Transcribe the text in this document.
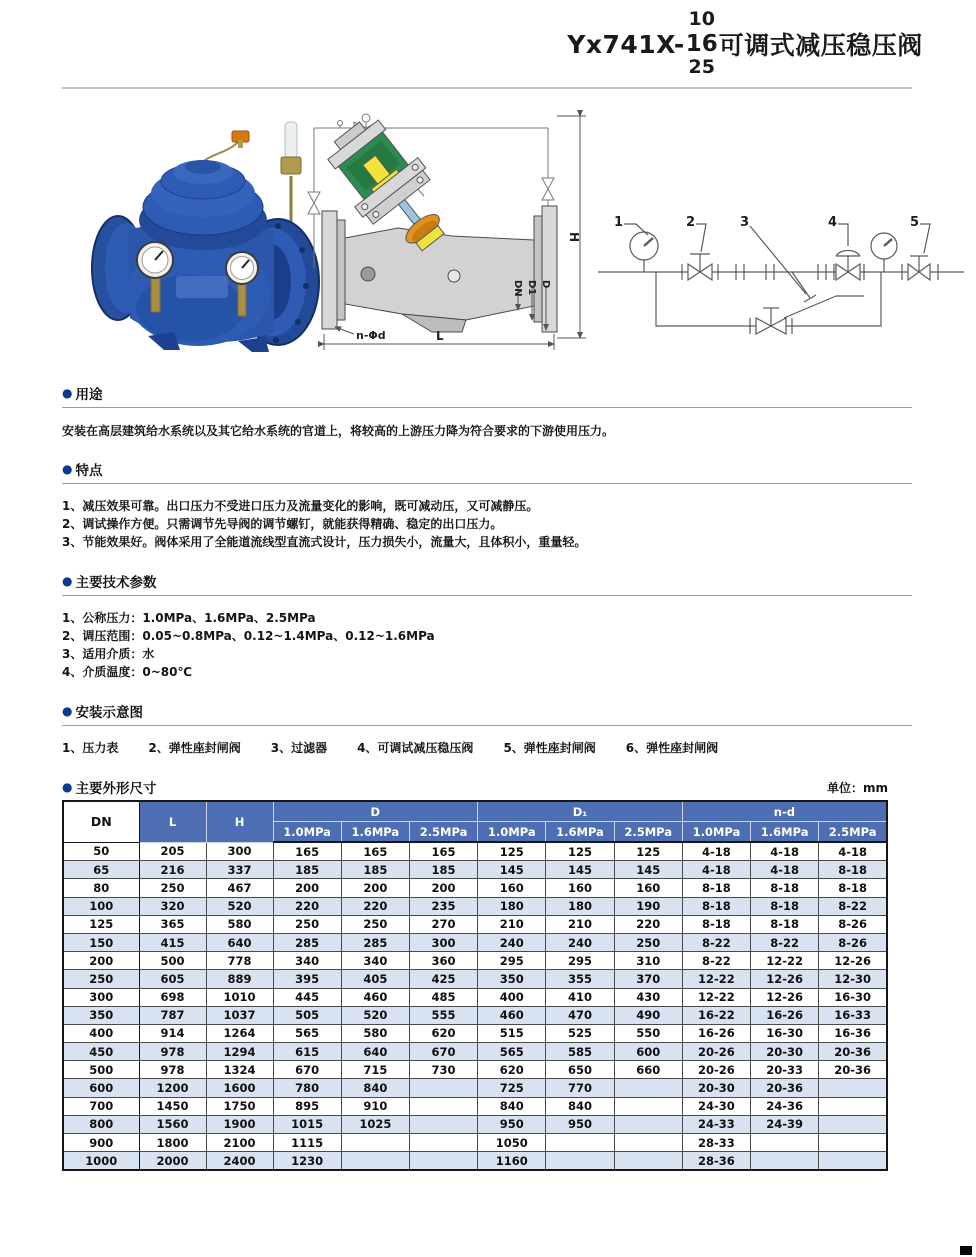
Yx741X-
10
16
25
可调式减压稳压阀
H
DN D1 D
L
n-Φd
1	2	3	4	5
● 用途
安装在高层建筑给水系统以及其它给水系统的官道上，将较高的上游压力降为符合要求的下游使用压力。
● 特点
1、减压效果可靠。出口压力不受进口压力及流量变化的影响，既可减动压，又可减静压。
2、调试操作方便。只需调节先导阀的调节螺钉，就能获得精确、稳定的出口压力。
3、节能效果好。阀体采用了全能道流线型直流式设计，压力损失小，流量大，且体积小，重量轻。
● 主要技术参数
1、公称压力：1.0MPa、1.6MPa、2.5MPa
2、调压范围：0.05~0.8MPa、0.12~1.4MPa、0.12~1.6MPa
3、适用介质：水
4、介质温度：0~80℃
● 安装示意图
1、压力表	2、弹性座封闸阀	3、过滤器	4、可调试减压稳压阀	5、弹性座封闸阀	6、弹性座封闸阀
● 主要外形尺寸	单位：mm
DN	L	H	D			D₁			n-d		
			1.0MPa	1.6MPa	2.5MPa	1.0MPa	1.6MPa	2.5MPa	1.0MPa	1.6MPa	2.5MPa
50	205	300	165	165	165	125	125	125	4-18	4-18	4-18
65	216	337	185	185	185	145	145	145	4-18	4-18	8-18
80	250	467	200	200	200	160	160	160	8-18	8-18	8-18
100	320	520	220	220	235	180	180	190	8-18	8-18	8-22
125	365	580	250	250	270	210	210	220	8-18	8-18	8-26
150	415	640	285	285	300	240	240	250	8-22	8-22	8-26
200	500	778	340	340	360	295	295	310	8-22	12-22	12-26
250	605	889	395	405	425	350	355	370	12-22	12-26	12-30
300	698	1010	445	460	485	400	410	430	12-22	12-26	16-30
350	787	1037	505	520	555	460	470	490	16-22	16-26	16-33
400	914	1264	565	580	620	515	525	550	16-26	16-30	16-36
450	978	1294	615	640	670	565	585	600	20-26	20-30	20-36
500	978	1324	670	715	730	620	650	660	20-26	20-33	20-36
600	1200	1600	780	840		725	770		20-30	20-36	
700	1450	1750	895	910		840	840		24-30	24-36	
800	1560	1900	1015	1025		950	950		24-33	24-39	
900	1800	2100	1115			1050			28-33		
1000	2000	2400	1230			1160			28-36		
